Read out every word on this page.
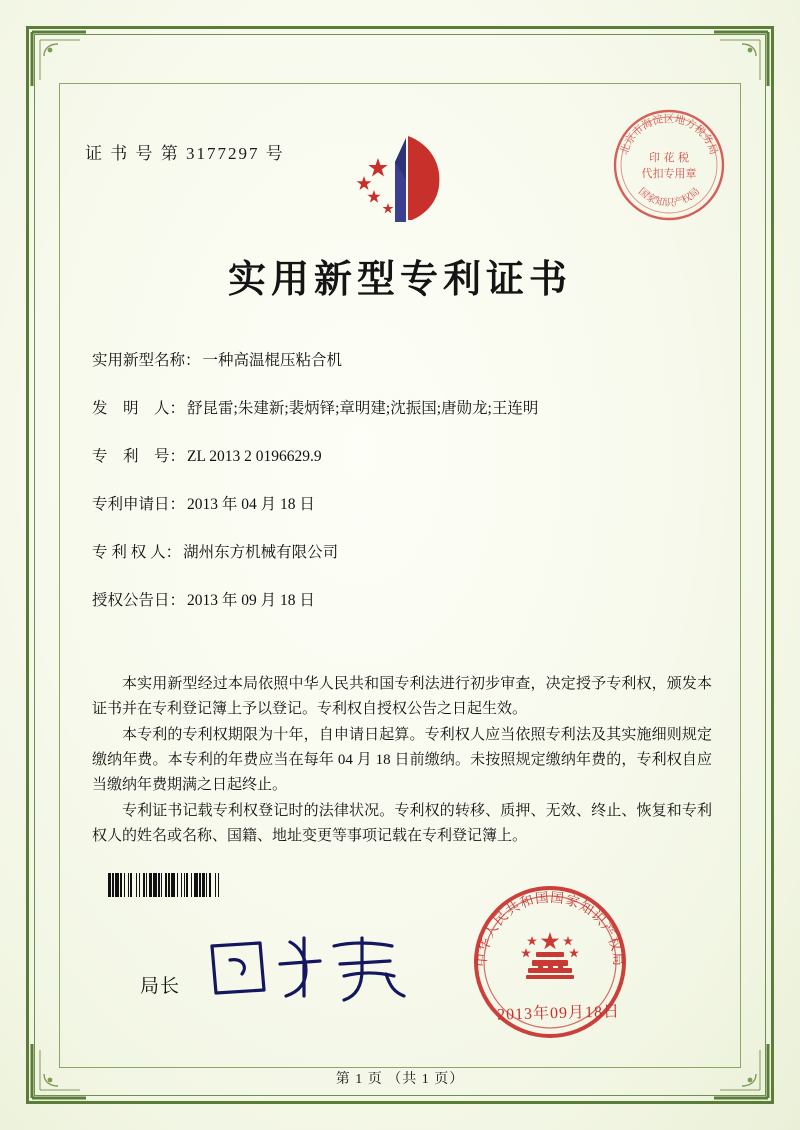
证 书 号 第 3177297 号	北京市海淀区地方税务局
国家知识产权局
印 花 税
代扣专用章
实用新型专利证书
实用新型名称： 一种高温棍压粘合机
发　明　人： 舒昆雷;朱建新;裴炳铎;章明建;沈振国;唐勋龙;王连明
专　利　号： ZL 2013 2 0196629.9
专利申请日： 2013 年 04 月 18 日
专 利 权 人： 湖州东方机械有限公司
授权公告日： 2013 年 09 月 18 日

本实用新型经过本局依照中华人民共和国专利法进行初步审查，决定授予专利权，颁发本证书并在专利登记簿上予以登记。专利权自授权公告之日起生效。

本专利的专利权期限为十年，自申请日起算。专利权人应当依照专利法及其实施细则规定缴纳年费。本专利的年费应当在每年 04 月 18 日前缴纳。未按照规定缴纳年费的，专利权自应当缴纳年费期满之日起终止。

专利证书记载专利权登记时的法律状况。专利权的转移、质押、无效、终止、恢复和专利权人的姓名或名称、国籍、地址变更等事项记载在专利登记簿上。

局长
中华人民共和国国家知识产权局
2013年09月18日
第 1 页 （共 1 页）
